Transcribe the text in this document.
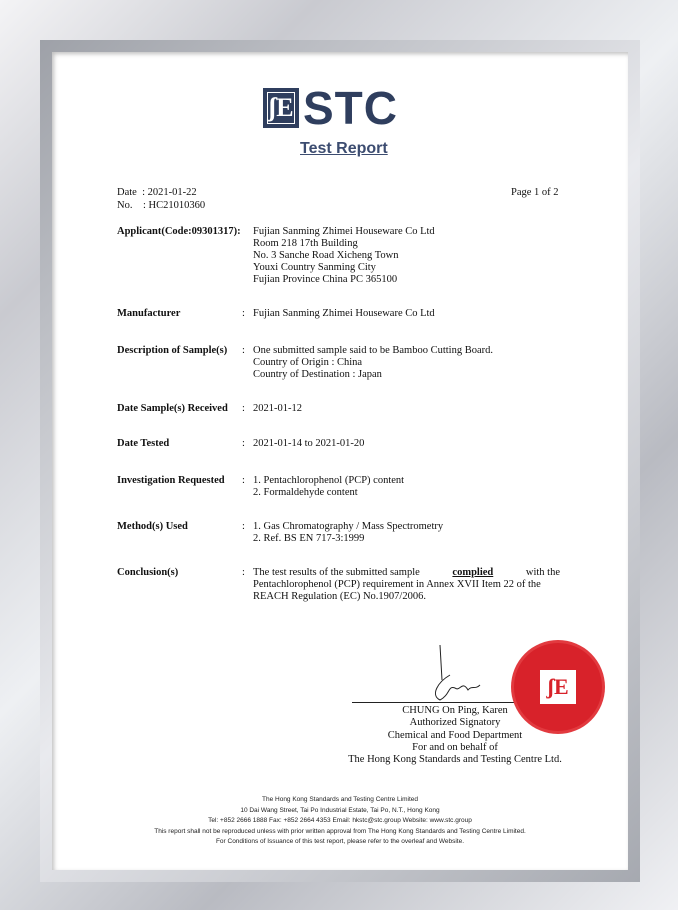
ʃE STC
Test Report
Date  : 2021-01-22
No.    : HC21010360
Page 1 of 2
Applicant(Code:09301317): Fujian Sanming Zhimei Houseware Co Ltd
Room 218 17th Building
No. 3 Sanche Road Xicheng Town
Youxi Country Sanming City
Fujian Province China PC 365100
Manufacturer	: Fujian Sanming Zhimei Houseware Co Ltd
Description of Sample(s) : One submitted sample said to be Bamboo Cutting Board.
Country of Origin : China
Country of Destination : Japan
Date Sample(s) Received : 2021-01-12
Date Tested	: 2021-01-14 to 2021-01-20
Investigation Requested : 1. Pentachlorophenol (PCP) content
2. Formaldehyde content
Method(s) Used	: 1. Gas Chromatography / Mass Spectrometry
2. Ref. BS EN 717-3:1999
Conclusion(s)	: The test results of the submitted sample	complied	with the
Pentachlorophenol (PCP) requirement in Annex XVII Item 22 of the
REACH Regulation (EC) No.1907/2006.
ʃE
CHUNG On Ping, Karen
Authorized Signatory
Chemical and Food Department
For and on behalf of
The Hong Kong Standards and Testing Centre Ltd.
The Hong Kong Standards and Testing Centre Limited
10 Dai Wang Street, Tai Po Industrial Estate, Tai Po, N.T., Hong Kong
Tel: +852 2666 1888 Fax: +852 2664 4353 Email: hkstc@stc.group Website: www.stc.group
This report shall not be reproduced unless with prior written approval from The Hong Kong Standards and Testing Centre Limited.
For Conditions of Issuance of this test report, please refer to the overleaf and Website.
